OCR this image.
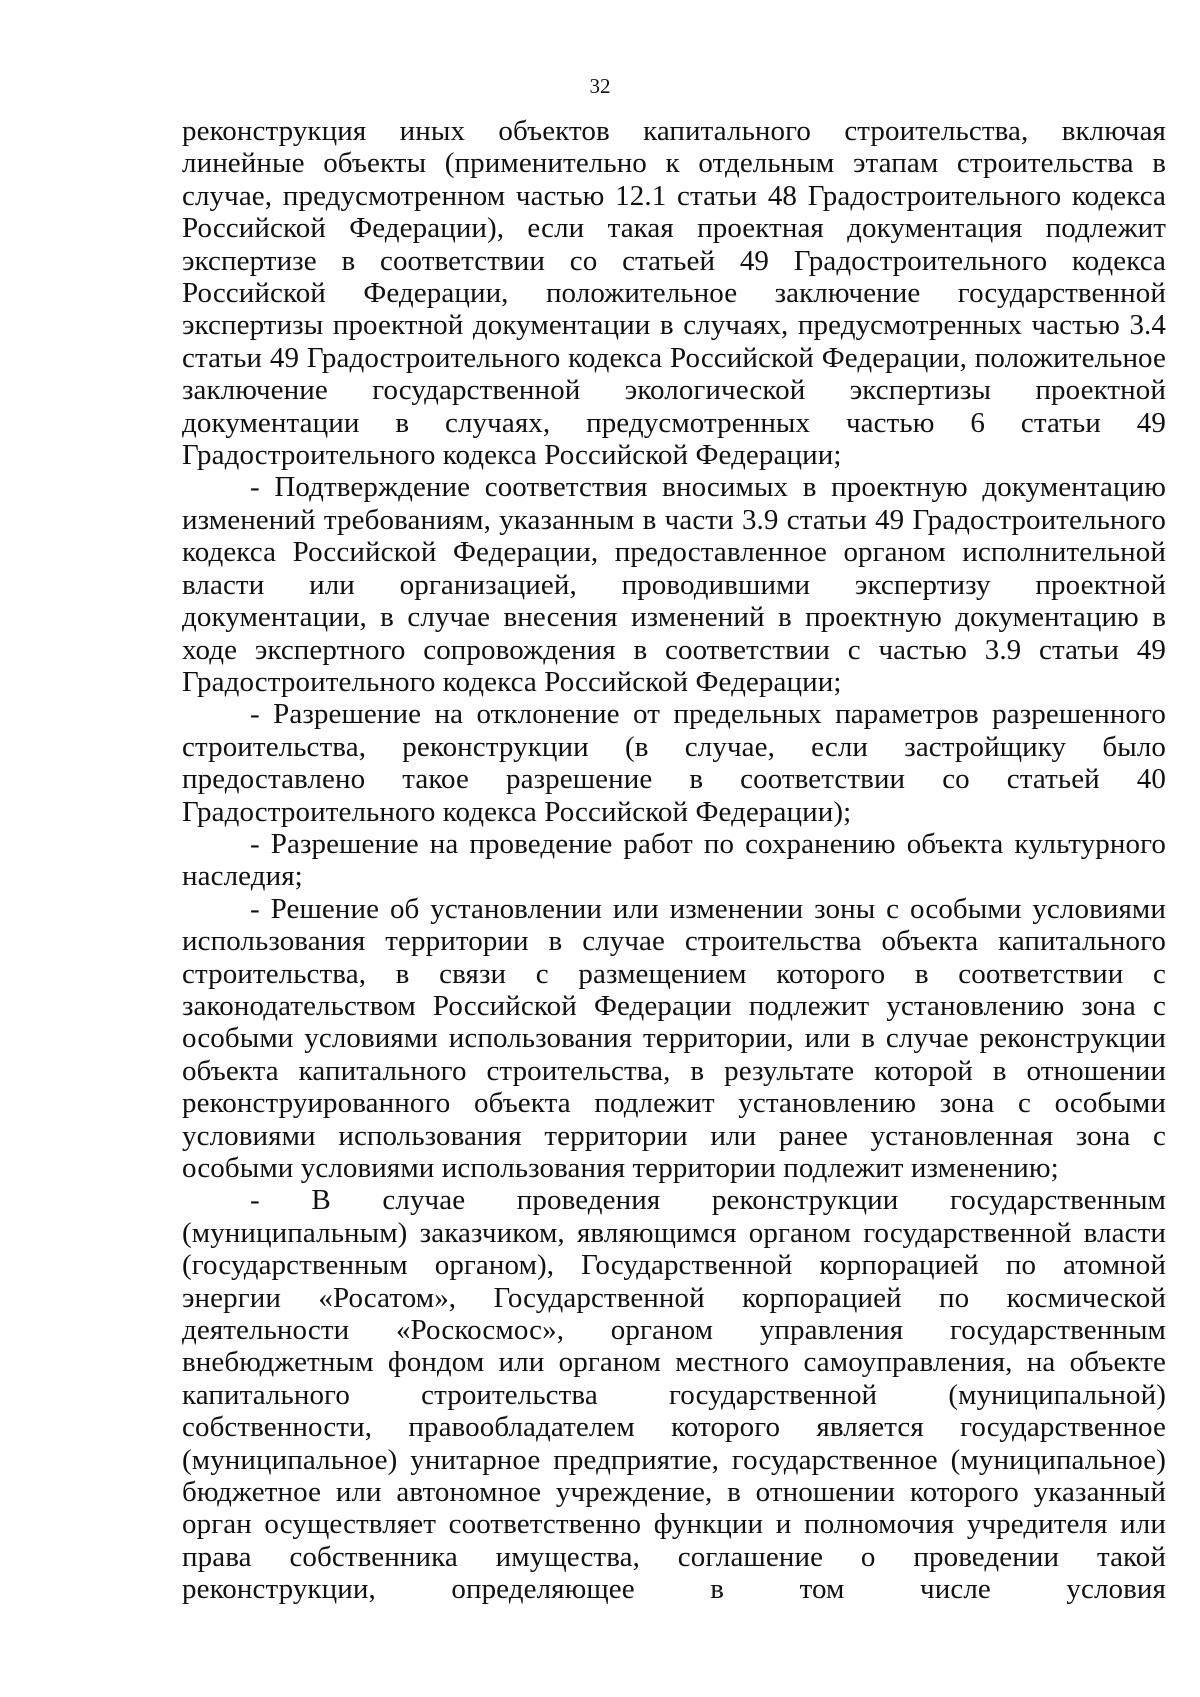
32

реконструкция иных объектов капитального строительства, включая линейные объекты (применительно к отдельным этапам строительства в случае, предусмотренном частью 12.1 статьи 48 Градостроительного кодекса Российской Федерации), если такая проектная документация подлежит экспертизе в соответствии со статьей 49 Градостроительного кодекса Российской Федерации, положительное заключение государственной экспертизы проектной документации в случаях, предусмотренных частью 3.4 статьи 49 Градостроительного кодекса Российской Федерации, положительное заключение государственной экологической экспертизы проектной документации в случаях, предусмотренных частью 6 статьи 49 Градостроительного кодекса Российской Федерации;

- Подтверждение соответствия вносимых в проектную документацию изменений требованиям, указанным в части 3.9 статьи 49 Градостроительного кодекса Российской Федерации, предоставленное органом исполнительной власти или организацией, проводившими экспертизу проектной документации, в случае внесения изменений в проектную документацию в ходе экспертного сопровождения в соответствии с частью 3.9 статьи 49 Градостроительного кодекса Российской Федерации;

- Разрешение на отклонение от предельных параметров разрешенного строительства, реконструкции (в случае, если застройщику было предоставлено такое разрешение в соответствии со статьей 40 Градостроительного кодекса Российской Федерации);

- Разрешение на проведение работ по сохранению объекта культурного наследия;

- Решение об установлении или изменении зоны с особыми условиями использования территории в случае строительства объекта капитального строительства, в связи с размещением которого в соответствии с законодательством Российской Федерации подлежит установлению зона с особыми условиями использования территории, или в случае реконструкции объекта капитального строительства, в результате которой в отношении реконструированного объекта подлежит установлению зона с особыми условиями использования территории или ранее установленная зона с особыми условиями использования территории подлежит изменению;

- В случае проведения реконструкции государственным (муниципальным) заказчиком, являющимся органом государственной власти (государственным органом), Государственной корпорацией по атомной энергии «Росатом», Государственной корпорацией по космической деятельности «Роскосмос», органом управления государственным внебюджетным фондом или органом местного самоуправления, на объекте капитального строительства государственной (муниципальной) собственности, правообладателем которого является государственное (муниципальное) унитарное предприятие, государственное (муниципальное) бюджетное или автономное учреждение, в отношении которого указанный орган осуществляет соответственно функции и полномочия учредителя или права собственника имущества, соглашение о проведении такой реконструкции, определяющее в том числе условия
